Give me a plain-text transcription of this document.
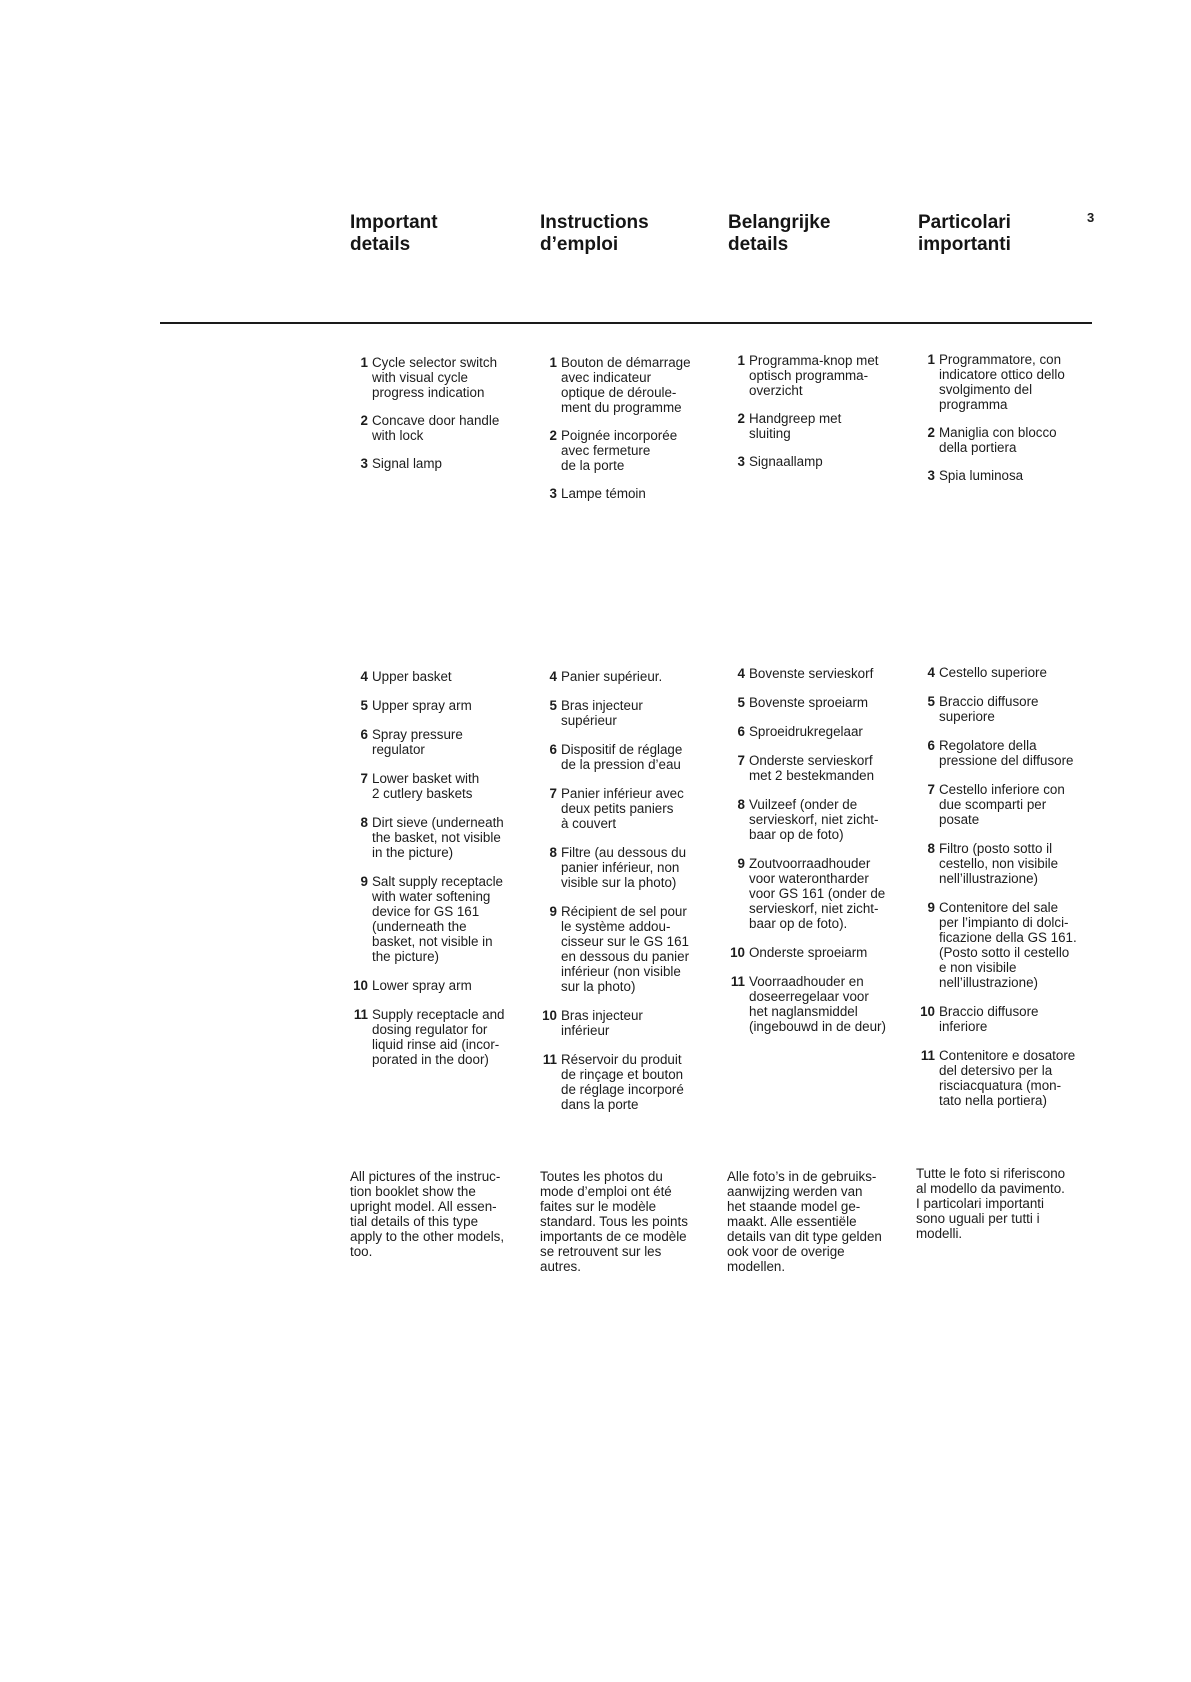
Important
details
Instructions
d’emploi
Belangrijke
details
Particolari
importanti
3
1 Cycle selector switch
with visual cycle
progress indication
2 Concave door handle
with lock
3 Signal lamp
1 Bouton de démarrage
avec indicateur
optique de déroule-
ment du programme
2 Poignée incorporée
avec fermeture
de la porte
3 Lampe témoin
1 Programma-knop met
optisch programma-
overzicht
2 Handgreep met
sluiting
3 Signaallamp
1 Programmatore, con
indicatore ottico dello
svolgimento del
programma
2 Maniglia con blocco
della portiera
3 Spia luminosa
4 Upper basket
5 Upper spray arm
6 Spray pressure
regulator
7 Lower basket with
2 cutlery baskets
8 Dirt sieve (underneath
the basket, not visible
in the picture)
9 Salt supply receptacle
with water softening
device for GS 161
(underneath the
basket, not visible in
the picture)
10 Lower spray arm
11 Supply receptacle and
dosing regulator for
liquid rinse aid (incor-
porated in the door)
4 Panier supérieur.
5 Bras injecteur
supérieur
6 Dispositif de réglage
de la pression d’eau
7 Panier inférieur avec
deux petits paniers
à couvert
8 Filtre (au dessous du
panier inférieur, non
visible sur la photo)
9 Récipient de sel pour
le système addou-
cisseur sur le GS 161
en dessous du panier
inférieur (non visible
sur la photo)
10 Bras injecteur
inférieur
11 Réservoir du produit
de rinçage et bouton
de réglage incorporé
dans la porte
4 Bovenste servieskorf
5 Bovenste sproeiarm
6 Sproeidrukregelaar
7 Onderste servieskorf
met 2 bestekmanden
8 Vuilzeef (onder de
servieskorf, niet zicht-
baar op de foto)
9 Zoutvoorraadhouder
voor waterontharder
voor GS 161 (onder de
servieskorf, niet zicht-
baar op de foto).
10 Onderste sproeiarm
11 Voorraadhouder en
doseerregelaar voor
het naglansmiddel
(ingebouwd in de deur)
4 Cestello superiore
5 Braccio diffusore
superiore
6 Regolatore della
pressione del diffusore
7 Cestello inferiore con
due scomparti per
posate
8 Filtro (posto sotto il
cestello, non visibile
nell’illustrazione)
9 Contenitore del sale
per l’impianto di dolci-
ficazione della GS 161.
(Posto sotto il cestello
e non visibile
nell’illustrazione)
10 Braccio diffusore
inferiore
11 Contenitore e dosatore
del detersivo per la
risciacquatura (mon-
tato nella portiera)
All pictures of the instruc-
tion booklet show the
upright model. All essen-
tial details of this type
apply to the other models,
too.
Toutes les photos du
mode d’emploi ont été
faites sur le modèle
standard. Tous les points
importants de ce modèle
se retrouvent sur les
autres.
Alle foto’s in de gebruiks-
aanwijzing werden van
het staande model ge-
maakt. Alle essentiële
details van dit type gelden
ook voor de overige
modellen.
Tutte le foto si riferiscono
al modello da pavimento.
I particolari importanti
sono uguali per tutti i
modelli.
